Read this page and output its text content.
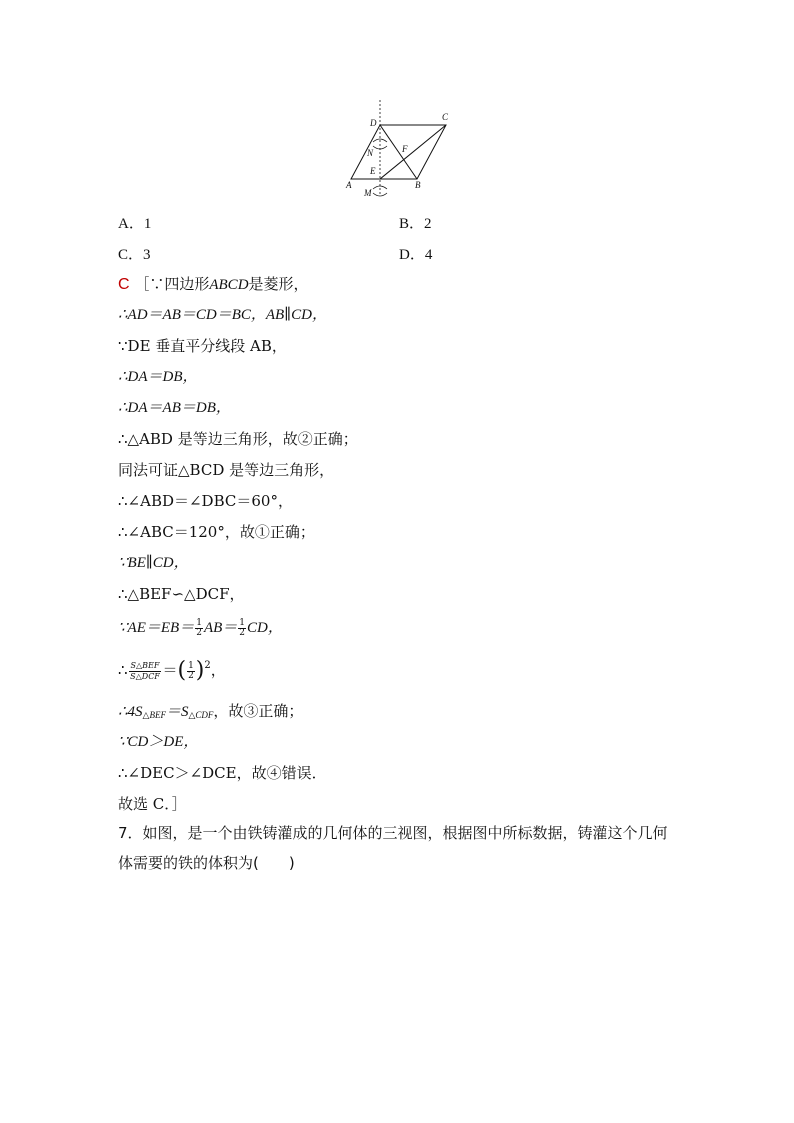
D
C
N	F
E
A	B
M
A．1	B．2
C．3	D．4
C ［∵四边形ABCD是菱形，
∴AD＝AB＝CD＝BC，AB∥CD，
∵DE 垂直平分线段 AB，
∴DA＝DB，
∴DA＝AB＝DB，
∴△ABD 是等边三角形，故②正确；
同法可证△BCD 是等边三角形，
∴∠ABD＝∠DBC＝60°，
∴∠ABC＝120°，故①正确；
∵BE∥CD，
∴△BEF∽△DCF，
∵AE＝EB＝ $\frac{1}{2} AB= \frac{1}{2}$ CD，
∴ $\frac{\text{S△BEF}}{\text{S△DCF}}=( \frac{1}{2} )^2$，
$\therefore 4S_{\triangle BEF}=S_{\triangle CDF}$，故③正确；
∵CD＞DE，
∴∠DEC＞∠DCE，故④错误．
故选 C．］
7．如图，是一个由铁铸灌成的几何体的三视图，根据图中所标数据，铸灌这个几何体需要的铁的体积为(　　)
